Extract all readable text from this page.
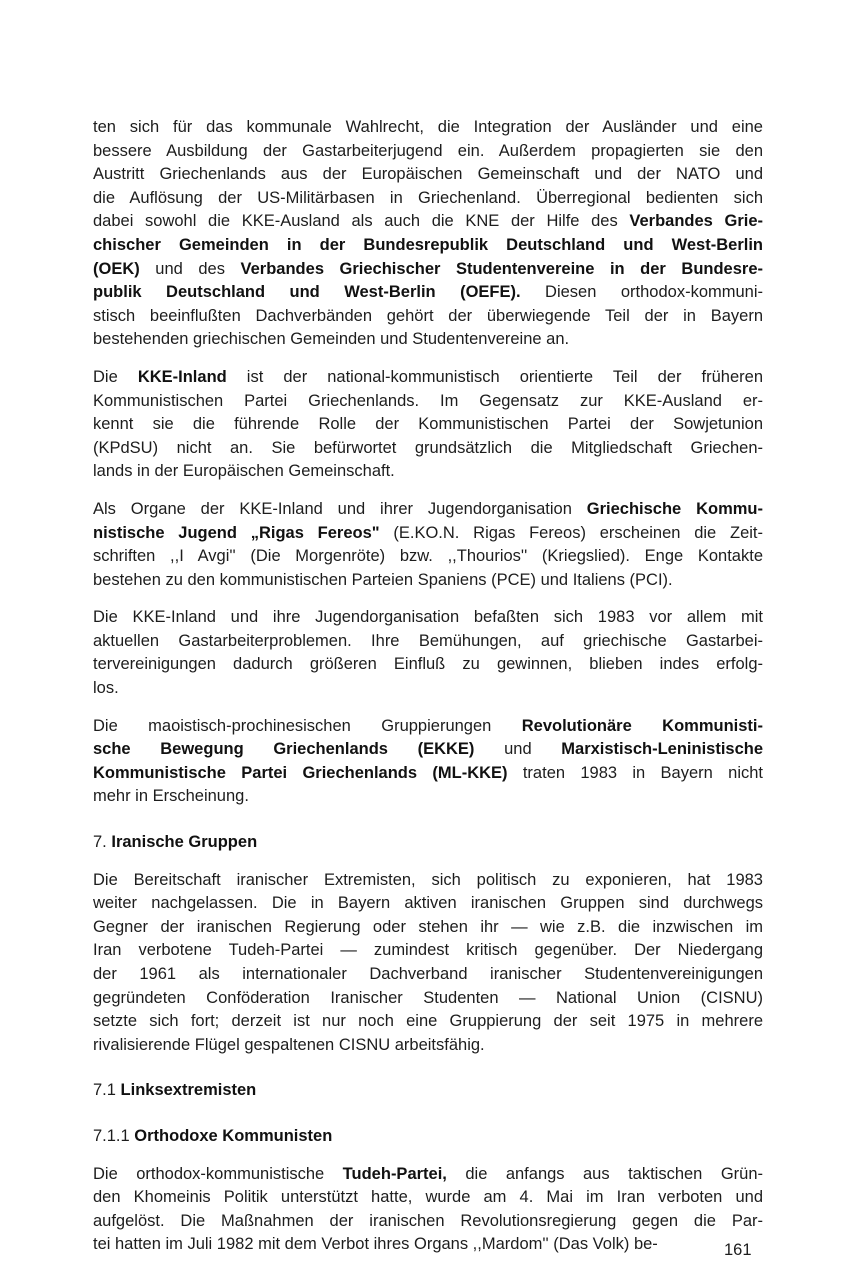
ten sich für das kommunale Wahlrecht, die Integration der Ausländer und eine
bessere Ausbildung der Gastarbeiterjugend ein. Außerdem propagierten sie den
Austritt Griechenlands aus der Europäischen Gemeinschaft und der NATO und
die Auflösung der US-Militärbasen in Griechenland. Überregional bedienten sich
dabei sowohl die KKE-Ausland als auch die KNE der Hilfe des Verbandes Grie-
chischer Gemeinden in der Bundesrepublik Deutschland und West-Berlin
(OEK) und des Verbandes Griechischer Studentenvereine in der Bundesre-
publik Deutschland und West-Berlin (OEFE). Diesen orthodox-kommuni-
stisch beeinflußten Dachverbänden gehört der überwiegende Teil der in Bayern
bestehenden griechischen Gemeinden und Studentenvereine an.
Die KKE-Inland ist der national-kommunistisch orientierte Teil der früheren
Kommunistischen Partei Griechenlands. Im Gegensatz zur KKE-Ausland er-
kennt sie die führende Rolle der Kommunistischen Partei der Sowjetunion
(KPdSU) nicht an. Sie befürwortet grundsätzlich die Mitgliedschaft Griechen-
lands in der Europäischen Gemeinschaft.
Als Organe der KKE-Inland und ihrer Jugendorganisation Griechische Kommu-
nistische Jugend „Rigas Fereos" (E.KO.N. Rigas Fereos) erscheinen die Zeit-
schriften ,,I Avgi'' (Die Morgenröte) bzw. ,,Thourios'' (Kriegslied). Enge Kontakte
bestehen zu den kommunistischen Parteien Spaniens (PCE) und Italiens (PCI).
Die KKE-Inland und ihre Jugendorganisation befaßten sich 1983 vor allem mit
aktuellen Gastarbeiterproblemen. Ihre Bemühungen, auf griechische Gastarbei-
tervereinigungen dadurch größeren Einfluß zu gewinnen, blieben indes erfolg-
los.
Die maoistisch-prochinesischen Gruppierungen Revolutionäre Kommunisti-
sche Bewegung Griechenlands (EKKE) und Marxistisch-Leninistische
Kommunistische Partei Griechenlands (ML-KKE) traten 1983 in Bayern nicht
mehr in Erscheinung.
7. Iranische Gruppen
Die Bereitschaft iranischer Extremisten, sich politisch zu exponieren, hat 1983
weiter nachgelassen. Die in Bayern aktiven iranischen Gruppen sind durchwegs
Gegner der iranischen Regierung oder stehen ihr — wie z.B. die inzwischen im
Iran verbotene Tudeh-Partei — zumindest kritisch gegenüber. Der Niedergang
der 1961 als internationaler Dachverband iranischer Studentenvereinigungen
gegründeten Conföderation Iranischer Studenten — National Union (CISNU)
setzte sich fort; derzeit ist nur noch eine Gruppierung der seit 1975 in mehrere
rivalisierende Flügel gespaltenen CISNU arbeitsfähig.
7.1 Linksextremisten
7.1.1 Orthodoxe Kommunisten
Die orthodox-kommunistische Tudeh-Partei, die anfangs aus taktischen Grün-
den Khomeinis Politik unterstützt hatte, wurde am 4. Mai im Iran verboten und
aufgelöst. Die Maßnahmen der iranischen Revolutionsregierung gegen die Par-
tei hatten im Juli 1982 mit dem Verbot ihres Organs ,,Mardom'' (Das Volk) be-	161
